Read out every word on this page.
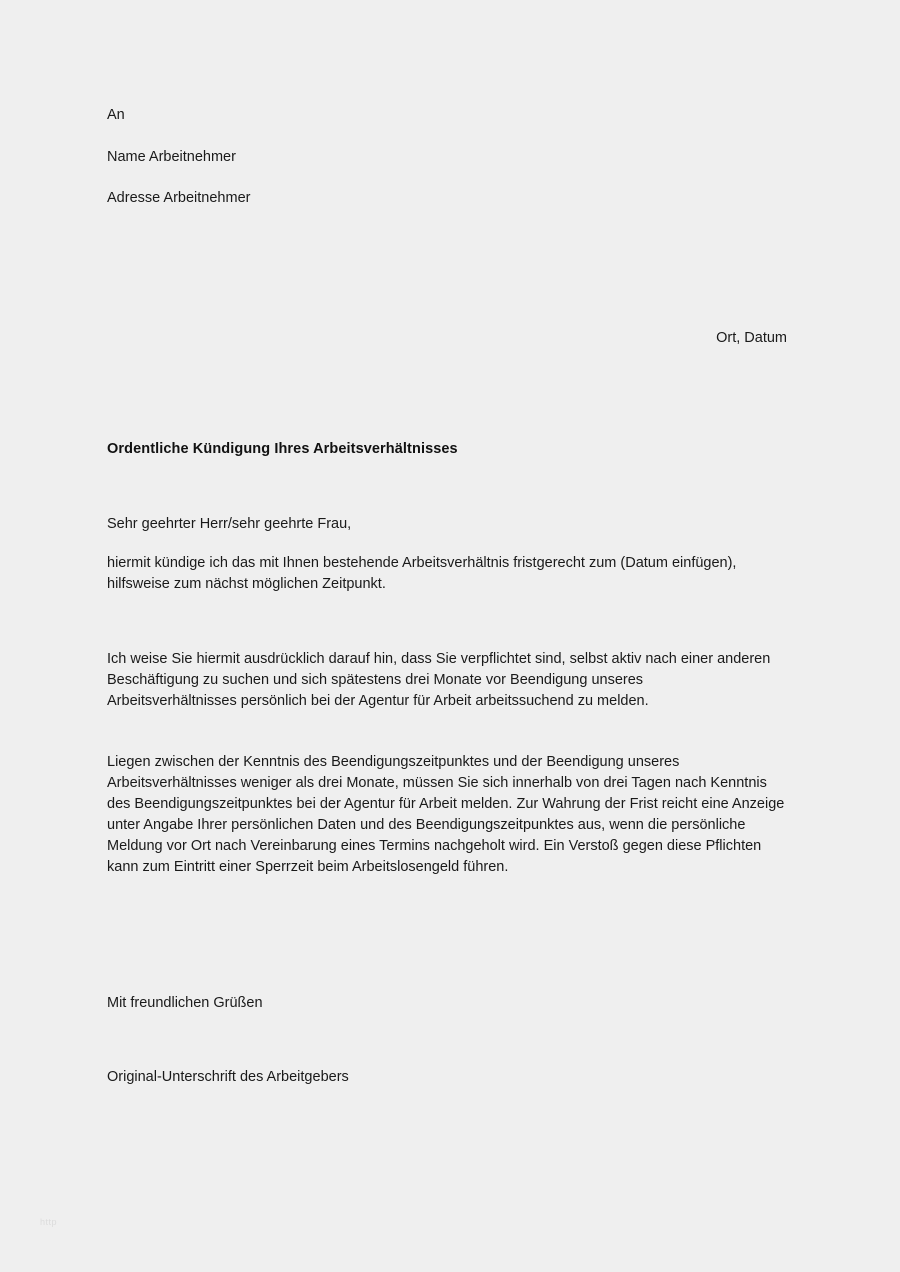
An
Name Arbeitnehmer
Adresse Arbeitnehmer
Ort, Datum
Ordentliche Kündigung Ihres Arbeitsverhältnisses
Sehr geehrter Herr/sehr geehrte Frau,
hiermit kündige ich das mit Ihnen bestehende Arbeitsverhältnis fristgerecht zum (Datum einfügen), hilfsweise zum nächst möglichen Zeitpunkt.
Ich weise Sie hiermit ausdrücklich darauf hin, dass Sie verpflichtet sind, selbst aktiv nach einer anderen Beschäftigung zu suchen und sich spätestens drei Monate vor Beendigung unseres Arbeitsverhältnisses persönlich bei der Agentur für Arbeit arbeitssuchend zu melden.
Liegen zwischen der Kenntnis des Beendigungszeitpunktes und der Beendigung unseres Arbeitsverhältnisses weniger als drei Monate, müssen Sie sich innerhalb von drei Tagen nach Kenntnis des Beendigungszeitpunktes bei der Agentur für Arbeit melden. Zur Wahrung der Frist reicht eine Anzeige unter Angabe Ihrer persönlichen Daten und des Beendigungszeitpunktes aus, wenn die persönliche Meldung vor Ort nach Vereinbarung eines Termins nachgeholt wird. Ein Verstoß gegen diese Pflichten kann zum Eintritt einer Sperrzeit beim Arbeitslosengeld führen.
Mit freundlichen Grüßen
Original-Unterschrift des Arbeitgebers
http
